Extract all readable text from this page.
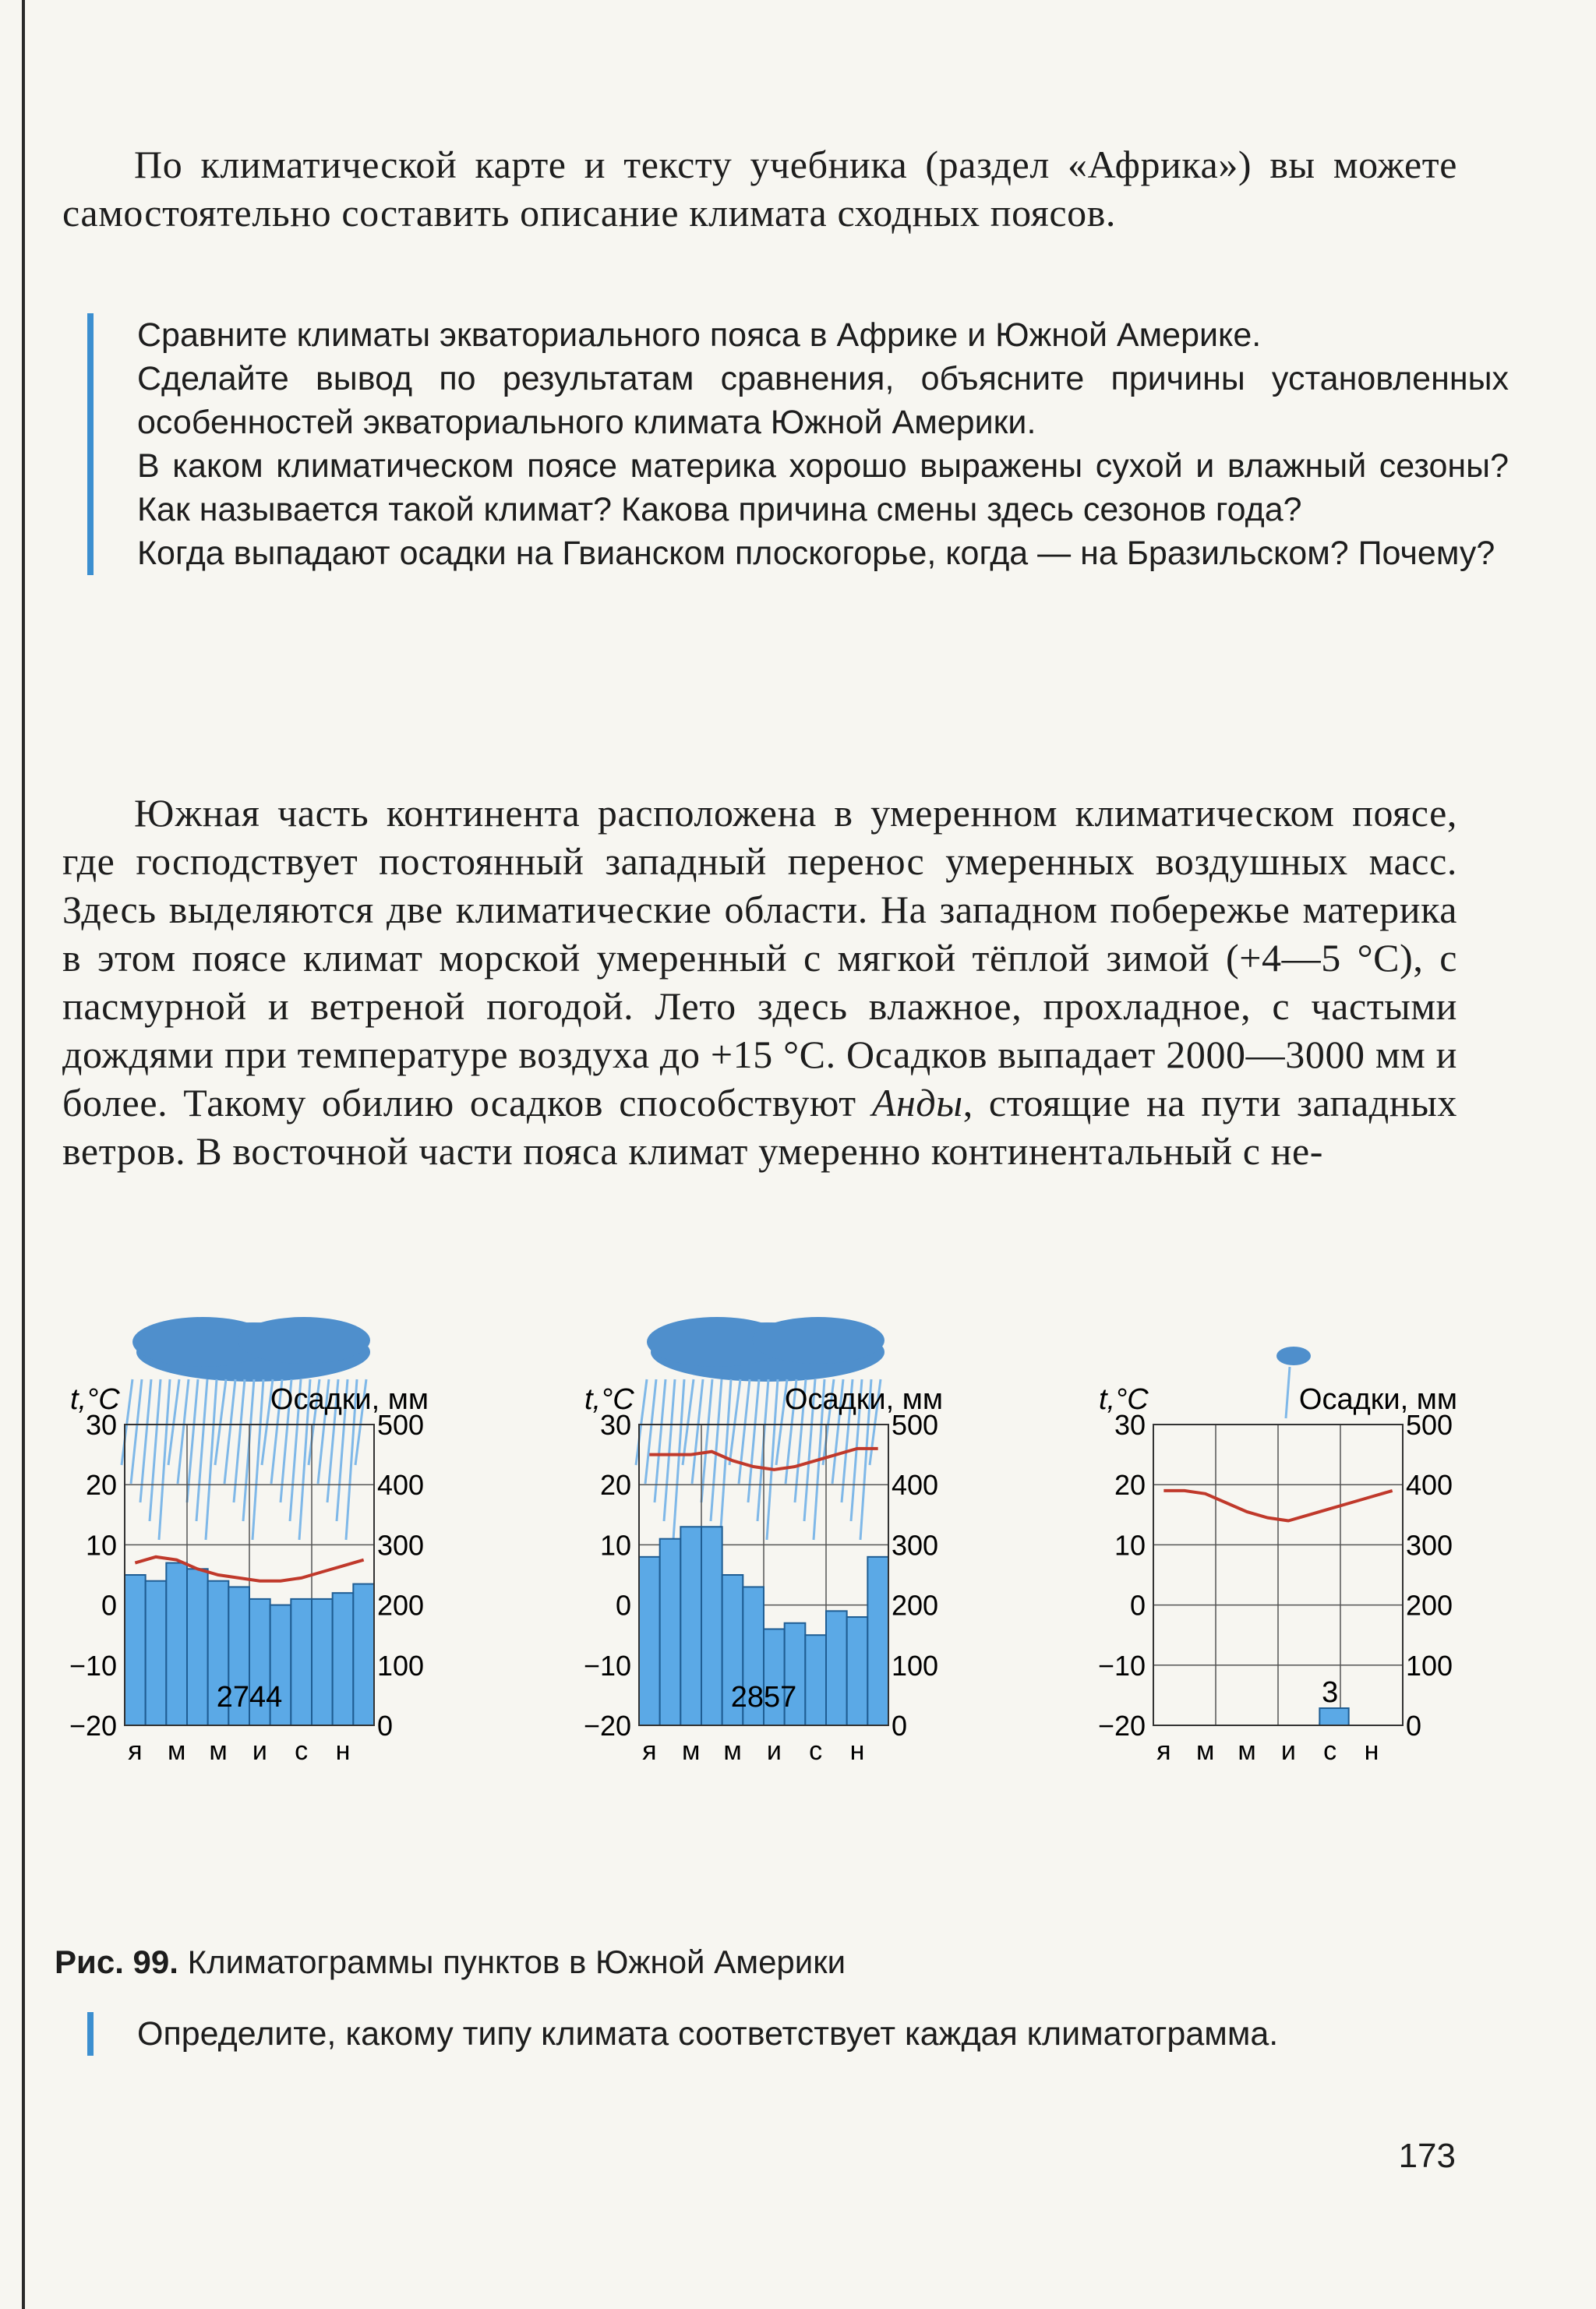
По климатической карте и тексту учебника (раздел «Африка») вы можете самостоятельно составить описание климата сходных поясов.

Сравните климаты экваториального пояса в Африке и Южной Америке.

Сделайте вывод по результатам сравнения, объясните причины установленных особенностей экваториального климата Южной Америки.

В каком климатическом поясе материка хорошо выражены сухой и влажный сезоны? Как называется такой климат? Какова причина смены здесь сезонов года?

Когда выпадают осадки на Гвианском плоскогорье, когда — на Бразильском? Почему?

Южная часть континента расположена в умеренном климатическом поясе, где господствует постоянный западный перенос умеренных воздушных масс. Здесь выделяются две климатические области. На западном побережье материка в этом поясе климат морской умеренный с мягкой тёплой зимой (+4—5 °С), с пасмурной и ветреной погодой. Лето здесь влажное, прохладное, с частыми дождями при температуре воздуха до +15 °С. Осадков выпадает 2000—3000 мм и более. Такому обилию осадков способствуют Анды, стоящие на пути западных ветров. В восточной части пояса климат умеренно континентальный с не-

t,°C	Осадки, мм
30
20
10
0
−10
−20
500
400
300
200
100
0
2744
я м м и с н
t,°C	Осадки, мм
30
20
10
0
−10
−20
500
400
300
200
100
0
2857
я м м и с н
t,°C	Осадки, мм
30
20
10
0
−10
−20
500
400
300
200
100
0
3
я м м и с н
Рис. 99. Климатограммы пунктов в Южной Америки

Определите, какому типу климата соответствует каждая климатограмма.

173
